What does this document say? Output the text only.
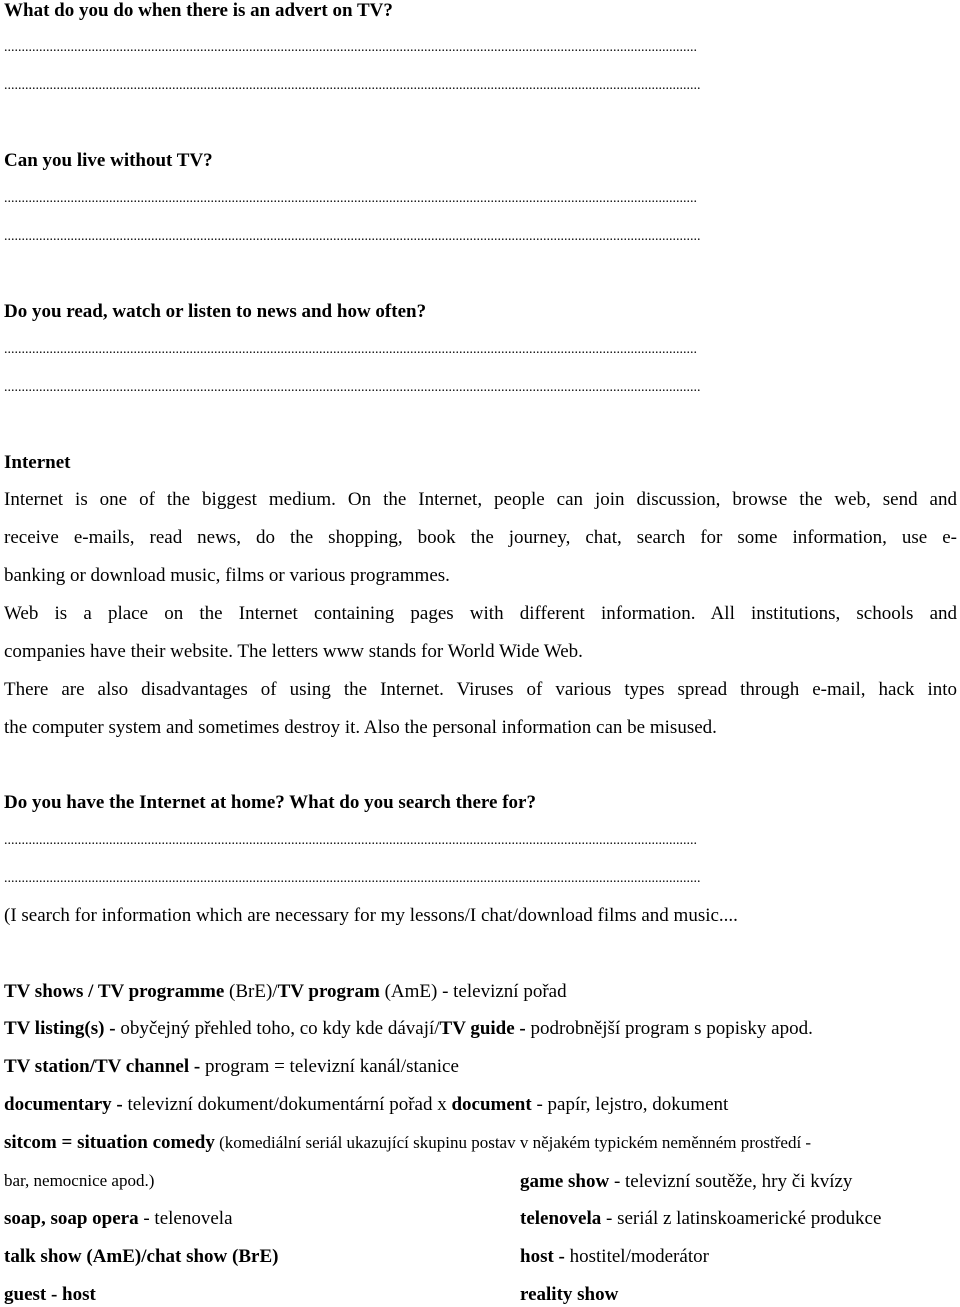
What do you do when there is an advert on TV?
......................................................................................................................................................................................................
.......................................................................................................................................................................................................
Can you live without TV?
......................................................................................................................................................................................................
.......................................................................................................................................................................................................
Do you read, watch or listen to news and how often?
......................................................................................................................................................................................................
.......................................................................................................................................................................................................
Internet
Internet is one of the biggest medium. On the Internet, people can join discussion, browse the web, send and
receive e-mails, read news, do the shopping, book the journey, chat, search for some information, use e-
banking or download music, films or various programmes.
Web is a place on the Internet containing pages with different information. All institutions, schools and
companies have their website. The letters www stands for World Wide Web.
There are also disadvantages of using the Internet. Viruses of various types spread through e-mail, hack into
the computer system and sometimes destroy it. Also the personal information can be misused.
Do you have the Internet at home? What do you search there for?
......................................................................................................................................................................................................
.......................................................................................................................................................................................................
(I search for information which are necessary for my lessons/I chat/download films and music....
TV shows / TV programme (BrE)/TV program (AmE) - televizní pořad
TV listing(s) - obyčejný přehled toho, co kdy kde dávají/TV guide - podrobnější program s popisky apod.
TV station/TV channel - program = televizní kanál/stanice
documentary - televizní dokument/dokumentární pořad x document - papír, lejstro, dokument
sitcom = situation comedy (komediální seriál ukazující skupinu postav v nějakém typickém neměnném prostředí -
bar, nemocnice apod.)
soap, soap opera - telenovela
talk show (AmE)/chat show (BrE)
guest - host
game show - televizní soutěže, hry či kvízy
telenovela - seriál z latinskoamerické produkce
host - hostitel/moderátor
reality show
